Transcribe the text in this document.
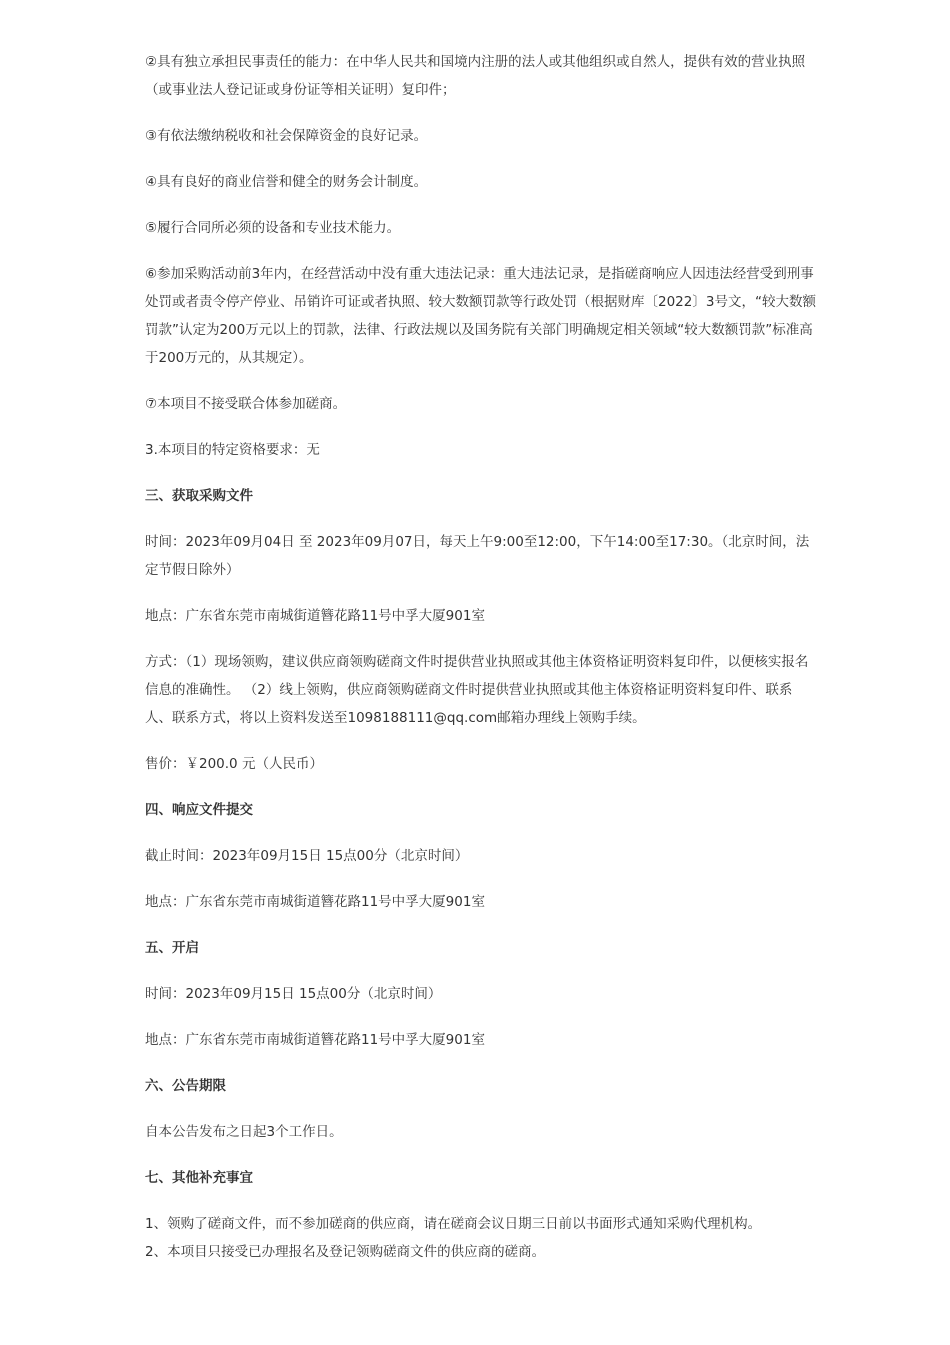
②具有独立承担民事责任的能力：在中华人民共和国境内注册的法人或其他组织或自然人，提供有效的营业执照（或事业法人登记证或身份证等相关证明）复印件；

③有依法缴纳税收和社会保障资金的良好记录。

④具有良好的商业信誉和健全的财务会计制度。

⑤履行合同所必须的设备和专业技术能力。

⑥参加采购活动前3年内，在经营活动中没有重大违法记录：重大违法记录，是指磋商响应人因违法经营受到刑事处罚或者责令停产停业、吊销许可证或者执照、较大数额罚款等行政处罚（根据财库〔2022〕3号文，“较大数额罚款”认定为200万元以上的罚款，法律、行政法规以及国务院有关部门明确规定相关领域“较大数额罚款”标准高于200万元的，从其规定）。

⑦本项目不接受联合体参加磋商。

3.本项目的特定资格要求：无

三、获取采购文件

时间：2023年09月04日 至 2023年09月07日，每天上午9:00至12:00，下午14:00至17:30。（北京时间，法定节假日除外）

地点：广东省东莞市南城街道簪花路11号中孚大厦901室

方式：（1）现场领购，建议供应商领购磋商文件时提供营业执照或其他主体资格证明资料复印件，以便核实报名信息的准确性。 （2）线上领购，供应商领购磋商文件时提供营业执照或其他主体资格证明资料复印件、联系人、联系方式，将以上资料发送至1098188111@qq.com邮箱办理线上领购手续。

售价：￥200.0 元（人民币）

四、响应文件提交

截止时间：2023年09月15日 15点00分（北京时间）

地点：广东省东莞市南城街道簪花路11号中孚大厦901室

五、开启

时间：2023年09月15日 15点00分（北京时间）

地点：广东省东莞市南城街道簪花路11号中孚大厦901室

六、公告期限

自本公告发布之日起3个工作日。

七、其他补充事宜

1、领购了磋商文件，而不参加磋商的供应商，请在磋商会议日期三日前以书面形式通知采购代理机构。

2、本项目只接受已办理报名及登记领购磋商文件的供应商的磋商。
